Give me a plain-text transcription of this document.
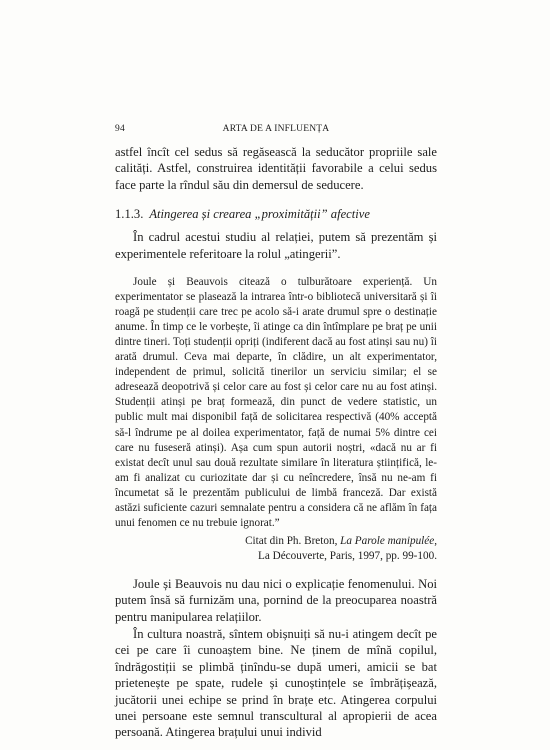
94	ARTA DE A INFLUENȚA

astfel încît cel sedus să regăsească la seducător propriile sale calități. Astfel, construirea identității favorabile a celui sedus face parte la rîndul său din demersul de seducere.

1.1.3. Atingerea și crearea „proximității” afective

În cadrul acestui studiu al relației, putem să prezentăm și experimentele referitoare la rolul „atingerii”.

Joule și Beauvois citează o tulburătoare experiență. Un experimentator se plasează la intrarea într-o bibliotecă universitară și îi roagă pe studenții care trec pe acolo să-i arate drumul spre o destinație anume. În timp ce le vorbește, îi atinge ca din întîmplare pe braț pe unii dintre tineri. Toți studenții opriți (indiferent dacă au fost atinși sau nu) îi arată drumul. Ceva mai departe, în clădire, un alt experimentator, independent de primul, solicită tinerilor un serviciu similar; el se adresează deopotrivă și celor care au fost și celor care nu au fost atinși. Studenții atinși pe braț formează, din punct de vedere statistic, un public mult mai disponibil față de solicitarea respectivă (40% acceptă să-l îndrume pe al doilea experimentator, față de numai 5% dintre cei care nu fuseseră atinși). Așa cum spun autorii noștri, «dacă nu ar fi existat decît unul sau două rezultate similare în literatura științifică, le-am fi analizat cu curiozitate dar și cu neîncredere, însă nu ne-am fi încumetat să le prezentăm publicului de limbă franceză. Dar există astăzi suficiente cazuri semnalate pentru a considera că ne aflăm în fața unui fenomen ce nu trebuie ignorat.”

Citat din Ph. Breton, La Parole manipulée,
La Découverte, Paris, 1997, pp. 99-100.

Joule și Beauvois nu dau nici o explicație fenomenului. Noi putem însă să furnizăm una, pornind de la preocuparea noastră pentru manipularea relațiilor.

În cultura noastră, sîntem obișnuiți să nu-i atingem decît pe cei pe care îi cunoaștem bine. Ne ținem de mînă copilul, îndrăgostiții se plimbă ținîndu-se după umeri, amicii se bat prietenește pe spate, rudele și cunoștințele se îmbrățișează, jucătorii unei echipe se prind în brațe etc. Atingerea corpului unei persoane este semnul transcultural al apropierii de acea persoană. Atingerea brațului unui individ
